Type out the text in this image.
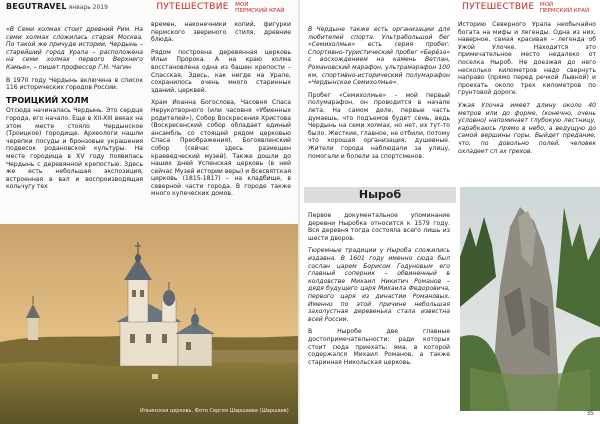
BEGUTRAVEL январь 2019	ПУТЕШЕСТВИЕ МОЙ
ПЕРМСКИЙ КРАЙ

«В Семи холмах стоит древний Рим. На семи холмах сложилась старая Москва. По такой же причуде истории, Чердынь – старейший город Урала – расположена на семи холмах первого Верхнего Камье», – пишет профессор Г.Н. Чагин

В 1970 году Чердынь включена в список 116 исторических городов России.

ТРОИЦКИЙ ХОЛМ

Отсюда начиналась Чердынь. Это сердце города, его начало. Еще в XII-XIII веках на этом месте стояло Чердынское (Троицкое) городище. Археологи нашли черепки посуды и бронзовые украшения подвесок родановской культуры. На месте городища в XV году появилась Чердынь с деревянной крепостью. Здесь же есть небольшая экспозиция, встроенная в вал и воспроизводящая кольчугу тех

времен, наконечники копий, фигурки пермского звериного стиля, древние блюда.

Рядом построена деревянная церковь Ильи Пророка. А на краю холма восстановлена одна из башен крепости – Спасская. Здесь, как нигде на Урале, сохранилось очень много старинных зданий, церквей.

Храм Иоанна Богослова, Часовня Спаса Нерукотворного (или часовня «Убиенных родителей»), Собор Воскресения Христова (Воскресенский собор обладает единый ансамбль со стоящей рядом церковью Спаса Преображения), Богоявленский собор (сейчас здесь размещен краеведческий музей). Также дошли до наших дней Успенская церковь (в ней сейчас Музей истории веры) и Всесвятская церковь (1815-1817) – на кладбище, в северной части города. В городе также много купеческих домов.

Ильинская церковь. Фото Сергея Шаршаева (Шаршаев)
ПУТЕШЕСТВИЕ МОЙ
ПЕРМСКИЙ КРАЙ

В Чердыне также есть организации для любителей спорта. Ультрабольшой бег «Семихолмье» есть серия пробег: Спортивно-туристический пробег «Берёза» с восхождением на камень Ветлан, Романовский марафон, ультрамарафон 100 км, спортивно-исторический полумарафон «Чердынское Семихолмье».

Пробег «Семихолмье» – мой первый полумарафон, он проводится в начале лета. На самом деле, первые часть думаешь, что подъемов будет семь, ведь Чердынь на семи холмах, но нет, их тут-то было. Жесткие, главное, не отбили, потому что хорошая организация, душевные. Жители города наблюдали за улицу, помогали и болели за спортсменов.

Ныроб

Первое документальное упоминание деревни Ныробка относится к 1579 году. Вся деревня тогда состояла всего лишь из шести дворов.

Тюремные традиции у Ныроба сложились издавна. В 1601 году именно сюда был сослан царем Борисом Годуновым его главный соперник – обвиненный в колдовстве Михаил Никитич Романов – дядя будущего царя Михаила Федоровича, первого царя из династии Романовых. Именно по этой причине небольшая захолустная деревенька стала известна всей России.

В Ныробе две главные достопримечательности: ради которых стоит сюда приехать: яма, в которой содержался Михаил Романов, а также старинная Никольская церковь.

Историю Северного Урала необычайно богата на мифы и легенды. Одна из них, наверное, самая красивая – легенда об Ужой Улочке. Находится это примечательное место недалеко от поселка Ныроб. Не доезжая до него несколько километров надо свернуть направо (прямо перед речкой Лывной) и проехать около трех километров по грунтовой дороге.

Ужая Улочка имеет длину около 40 метров или до форме, (конечно, очень условно) напоминает глубокую лестницу, карабкаюсь прямо в небо, а ведущую до самой вершины горы. Выйдет предание, что, по довольно полей, человек охладеет сп ах грехов.

35
